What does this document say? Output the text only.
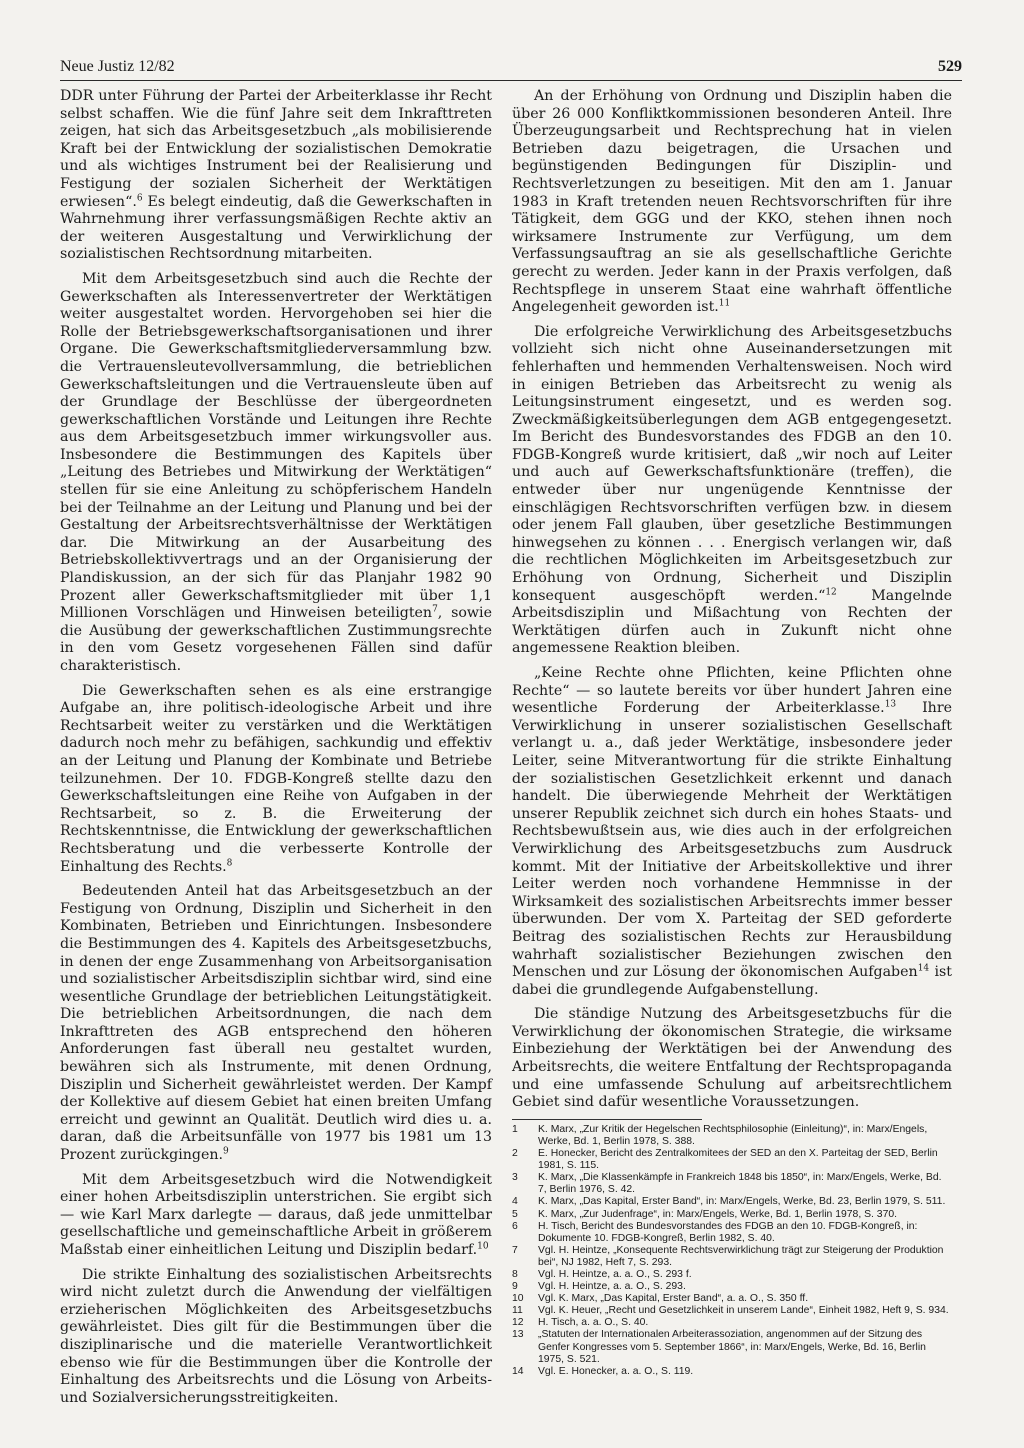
Neue Justiz 12/82	529

DDR unter Führung der Partei der Arbeiterklasse ihr Recht selbst schaffen. Wie die fünf Jahre seit dem Inkrafttreten zeigen, hat sich das Arbeitsgesetzbuch „als mobilisierende Kraft bei der Entwicklung der sozialistischen Demokratie und als wichtiges Instrument bei der Realisierung und Festigung der sozialen Sicherheit der Werktätigen erwiesen“.$^6$ Es belegt eindeutig, daß die Gewerkschaften in Wahrnehmung ihrer verfassungsmäßigen Rechte aktiv an der weiteren Ausgestaltung und Verwirklichung der sozialistischen Rechtsordnung mitarbeiten.

Mit dem Arbeitsgesetzbuch sind auch die Rechte der Gewerkschaften als Interessenvertreter der Werktätigen weiter ausgestaltet worden. Hervorgehoben sei hier die Rolle der Betriebsgewerkschaftsorganisationen und ihrer Organe. Die Gewerkschaftsmitgliederversammlung bzw. die Vertrauensleutevollversammlung, die betrieblichen Gewerkschaftsleitungen und die Vertrauensleute üben auf der Grundlage der Beschlüsse der übergeordneten gewerkschaftlichen Vorstände und Leitungen ihre Rechte aus dem Arbeitsgesetzbuch immer wirkungsvoller aus. Insbesondere die Bestimmungen des Kapitels über „Leitung des Betriebes und Mitwirkung der Werktätigen“ stellen für sie eine Anleitung zu schöpferischem Handeln bei der Teilnahme an der Leitung und Planung und bei der Gestaltung der Arbeitsrechtsverhältnisse der Werktätigen dar. Die Mitwirkung an der Ausarbeitung des Betriebskollektivvertrags und an der Organisierung der Plandiskussion, an der sich für das Planjahr 1982 90 Prozent aller Gewerkschaftsmitglieder mit über 1,1 Millionen Vorschlägen und Hinweisen beteiligten$^7$, sowie die Ausübung der gewerkschaftlichen Zustimmungsrechte in den vom Gesetz vorgesehenen Fällen sind dafür charakteristisch.

Die Gewerkschaften sehen es als eine erstrangige Aufgabe an, ihre politisch-ideologische Arbeit und ihre Rechtsarbeit weiter zu verstärken und die Werktätigen dadurch noch mehr zu befähigen, sachkundig und effektiv an der Leitung und Planung der Kombinate und Betriebe teilzunehmen. Der 10. FDGB-Kongreß stellte dazu den Gewerkschaftsleitungen eine Reihe von Aufgaben in der Rechtsarbeit, so z. B. die Erweiterung der Rechtskenntnisse, die Entwicklung der gewerkschaftlichen Rechtsberatung und die verbesserte Kontrolle der Einhaltung des Rechts.$^8$

Bedeutenden Anteil hat das Arbeitsgesetzbuch an der Festigung von Ordnung, Disziplin und Sicherheit in den Kombinaten, Betrieben und Einrichtungen. Insbesondere die Bestimmungen des 4. Kapitels des Arbeitsgesetzbuchs, in denen der enge Zusammenhang von Arbeitsorganisation und sozialistischer Arbeitsdisziplin sichtbar wird, sind eine wesentliche Grundlage der betrieblichen Leitungstätigkeit. Die betrieblichen Arbeitsordnungen, die nach dem Inkrafttreten des AGB entsprechend den höheren Anforderungen fast überall neu gestaltet wurden, bewähren sich als Instrumente, mit denen Ordnung, Disziplin und Sicherheit gewährleistet werden. Der Kampf der Kollektive auf diesem Gebiet hat einen breiten Umfang erreicht und gewinnt an Qualität. Deutlich wird dies u. a. daran, daß die Arbeitsunfälle von 1977 bis 1981 um 13 Prozent zurückgingen.$^9$

Mit dem Arbeitsgesetzbuch wird die Notwendigkeit einer hohen Arbeitsdisziplin unterstrichen. Sie ergibt sich — wie Karl Marx darlegte — daraus, daß jede unmittelbar gesellschaftliche und gemeinschaftliche Arbeit in größerem Maßstab einer einheitlichen Leitung und Disziplin bedarf.$^{10}$

Die strikte Einhaltung des sozialistischen Arbeitsrechts wird nicht zuletzt durch die Anwendung der vielfältigen erzieherischen Möglichkeiten des Arbeitsgesetzbuchs gewährleistet. Dies gilt für die Bestimmungen über die disziplinarische und die materielle Verantwortlichkeit ebenso wie für die Bestimmungen über die Kontrolle der Einhaltung des Arbeitsrechts und die Lösung von Arbeits- und Sozialversicherungsstreitigkeiten.

An der Erhöhung von Ordnung und Disziplin haben die über 26 000 Konfliktkommissionen besonderen Anteil. Ihre Überzeugungsarbeit und Rechtsprechung hat in vielen Betrieben dazu beigetragen, die Ursachen und begünstigenden Bedingungen für Disziplin- und Rechtsverletzungen zu beseitigen. Mit den am 1. Januar 1983 in Kraft tretenden neuen Rechtsvorschriften für ihre Tätigkeit, dem GGG und der KKO, stehen ihnen noch wirksamere Instrumente zur Verfügung, um dem Verfassungsauftrag an sie als gesellschaftliche Gerichte gerecht zu werden. Jeder kann in der Praxis verfolgen, daß Rechtspflege in unserem Staat eine wahrhaft öffentliche Angelegenheit geworden ist.$^{11}$

Die erfolgreiche Verwirklichung des Arbeitsgesetzbuchs vollzieht sich nicht ohne Auseinandersetzungen mit fehlerhaften und hemmenden Verhaltensweisen. Noch wird in einigen Betrieben das Arbeitsrecht zu wenig als Leitungsinstrument eingesetzt, und es werden sog. Zweckmäßigkeitsüberlegungen dem AGB entgegengesetzt. Im Bericht des Bundesvorstandes des FDGB an den 10. FDGB-Kongreß wurde kritisiert, daß „wir noch auf Leiter und auch auf Gewerkschaftsfunktionäre (treffen), die entweder über nur ungenügende Kenntnisse der einschlägigen Rechtsvorschriften verfügen bzw. in diesem oder jenem Fall glauben, über gesetzliche Bestimmungen hinwegsehen zu können . . . Energisch verlangen wir, daß die rechtlichen Möglichkeiten im Arbeitsgesetzbuch zur Erhöhung von Ordnung, Sicherheit und Disziplin konsequent ausgeschöpft werden.“$^{12}$ Mangelnde Arbeitsdisziplin und Mißachtung von Rechten der Werktätigen dürfen auch in Zukunft nicht ohne angemessene Reaktion bleiben.

„Keine Rechte ohne Pflichten, keine Pflichten ohne Rechte“ — so lautete bereits vor über hundert Jahren eine wesentliche Forderung der Arbeiterklasse.$^{13}$ Ihre Verwirklichung in unserer sozialistischen Gesellschaft verlangt u. a., daß jeder Werktätige, insbesondere jeder Leiter, seine Mitverantwortung für die strikte Einhaltung der sozialistischen Gesetzlichkeit erkennt und danach handelt. Die überwiegende Mehrheit der Werktätigen unserer Republik zeichnet sich durch ein hohes Staats- und Rechtsbewußtsein aus, wie dies auch in der erfolgreichen Verwirklichung des Arbeitsgesetzbuchs zum Ausdruck kommt. Mit der Initiative der Arbeitskollektive und ihrer Leiter werden noch vorhandene Hemmnisse in der Wirksamkeit des sozialistischen Arbeitsrechts immer besser überwunden. Der vom X. Parteitag der SED geforderte Beitrag des sozialistischen Rechts zur Herausbildung wahrhaft sozialistischer Beziehungen zwischen den Menschen und zur Lösung der ökonomischen Aufgaben$^{14}$ ist dabei die grundlegende Aufgabenstellung.

Die ständige Nutzung des Arbeitsgesetzbuchs für die Verwirklichung der ökonomischen Strategie, die wirksame Einbeziehung der Werktätigen bei der Anwendung des Arbeitsrechts, die weitere Entfaltung der Rechtspropaganda und eine umfassende Schulung auf arbeitsrechtlichem Gebiet sind dafür wesentliche Voraussetzungen.

1	K. Marx, „Zur Kritik der Hegelschen Rechtsphilosophie (Einleitung)“, in: Marx/Engels, Werke, Bd. 1, Berlin 1978, S. 388.
2	E. Honecker, Bericht des Zentralkomitees der SED an den X. Parteitag der SED, Berlin 1981, S. 115.
3	K. Marx, „Die Klassenkämpfe in Frankreich 1848 bis 1850“, in: Marx/Engels, Werke, Bd. 7, Berlin 1976, S. 42.
4	K. Marx, „Das Kapital, Erster Band“, in: Marx/Engels, Werke, Bd. 23, Berlin 1979, S. 511.
5	K. Marx, „Zur Judenfrage“, in: Marx/Engels, Werke, Bd. 1, Berlin 1978, S. 370.
6	H. Tisch, Bericht des Bundesvorstandes des FDGB an den 10. FDGB-Kongreß, in: Dokumente 10. FDGB-Kongreß, Berlin 1982, S. 40.
7	Vgl. H. Heintze, „Konsequente Rechtsverwirklichung trägt zur Steigerung der Produktion bei“, NJ 1982, Heft 7, S. 293.
8	Vgl. H. Heintze, a. a. O., S. 293 f.
9	Vgl. H. Heintze, a. a. O., S. 293.
10	Vgl. K. Marx, „Das Kapital, Erster Band“, a. a. O., S. 350 ff.
11	Vgl. K. Heuer, „Recht und Gesetzlichkeit in unserem Lande“, Einheit 1982, Heft 9, S. 934.
12	H. Tisch, a. a. O., S. 40.
13	„Statuten der Internationalen Arbeiterassoziation, angenommen auf der Sitzung des Genfer Kongresses vom 5. September 1866“, in: Marx/Engels, Werke, Bd. 16, Berlin 1975, S. 521.
14	Vgl. E. Honecker, a. a. O., S. 119.
